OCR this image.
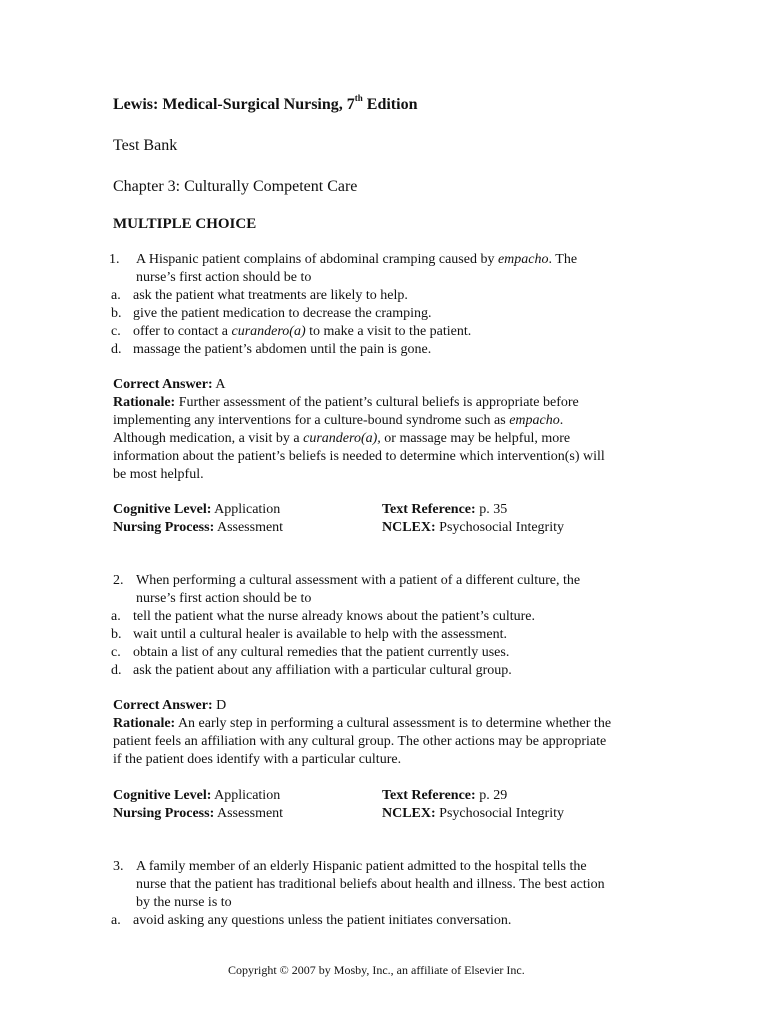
Lewis: Medical-Surgical Nursing, 7th Edition
Test Bank
Chapter 3: Culturally Competent Care
MULTIPLE CHOICE
1. A Hispanic patient complains of abdominal cramping caused by empacho. The
nurse’s first action should be to
a. ask the patient what treatments are likely to help.
b. give the patient medication to decrease the cramping.
c. offer to contact a curandero(a) to make a visit to the patient.
d. massage the patient’s abdomen until the pain is gone.
Correct Answer: A
Rationale: Further assessment of the patient’s cultural beliefs is appropriate before
implementing any interventions for a culture-bound syndrome such as empacho.
Although medication, a visit by a curandero(a), or massage may be helpful, more
information about the patient’s beliefs is needed to determine which intervention(s) will
be most helpful.
Cognitive Level: Application	Text Reference: p. 35
Nursing Process: Assessment	NCLEX: Psychosocial Integrity
2. When performing a cultural assessment with a patient of a different culture, the
nurse’s first action should be to
a. tell the patient what the nurse already knows about the patient’s culture.
b. wait until a cultural healer is available to help with the assessment.
c. obtain a list of any cultural remedies that the patient currently uses.
d. ask the patient about any affiliation with a particular cultural group.
Correct Answer: D
Rationale: An early step in performing a cultural assessment is to determine whether the
patient feels an affiliation with any cultural group. The other actions may be appropriate
if the patient does identify with a particular culture.
Cognitive Level: Application	Text Reference: p. 29
Nursing Process: Assessment	NCLEX: Psychosocial Integrity
3. A family member of an elderly Hispanic patient admitted to the hospital tells the
nurse that the patient has traditional beliefs about health and illness. The best action
by the nurse is to
a. avoid asking any questions unless the patient initiates conversation.
Copyright © 2007 by Mosby, Inc., an affiliate of Elsevier Inc.
